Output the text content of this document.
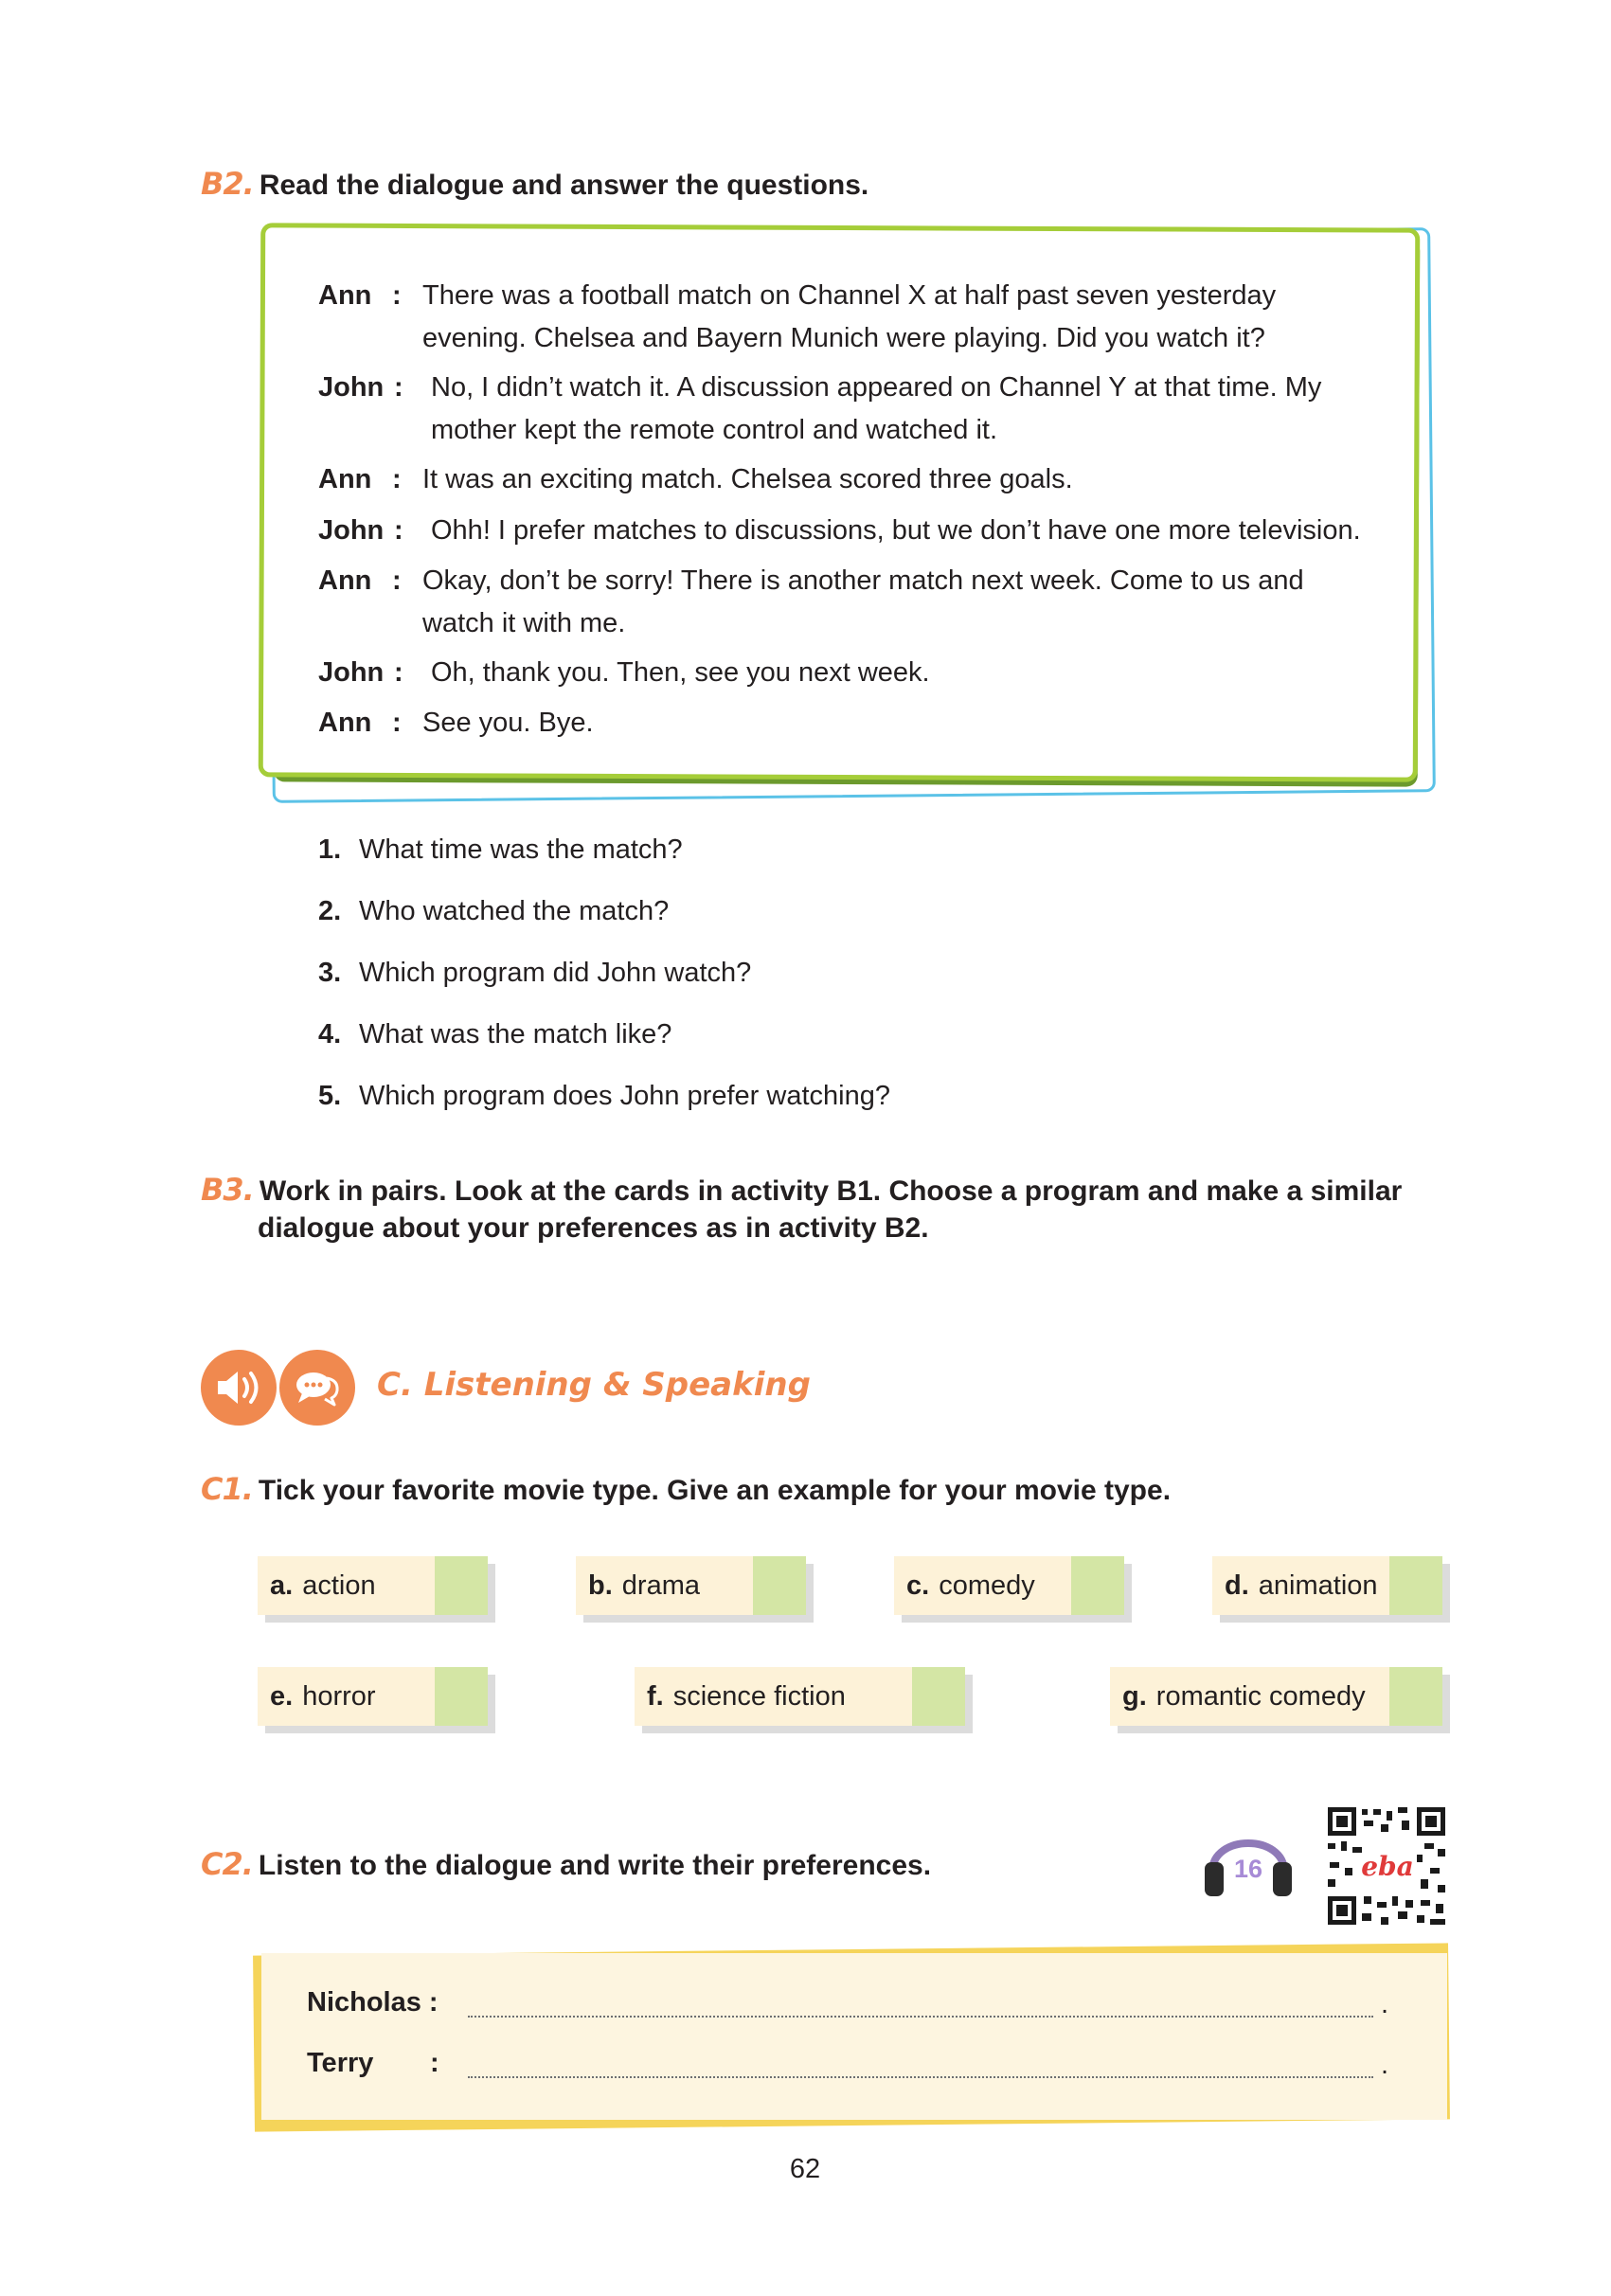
B2. Read the dialogue and answer the questions.
Ann : There was a football match on Channel X at half past seven yesterday
evening. Chelsea and Bayern Munich were playing. Did you watch it?
John : No, I didn’t watch it. A discussion appeared on Channel Y at that time. My
mother kept the remote control and watched it.
Ann : It was an exciting match. Chelsea scored three goals.
John : Ohh! I prefer matches to discussions, but we don’t have one more television.
Ann : Okay, don’t be sorry! There is another match next week. Come to us and
watch it with me.
John : Oh, thank you. Then, see you next week.
Ann : See you. Bye.
1. What time was the match?
2. Who watched the match?
3. Which program did John watch?
4. What was the match like?
5. Which program does John prefer watching?
B3. Work in pairs. Look at the cards in activity B1. Choose a program and make a similar
dialogue about your preferences as in activity B2.
C. Listening & Speaking
C1. Tick your favorite movie type. Give an example for your movie type.
a. action	b. drama	c. comedy	d. animation
e. horror	f. science fiction	g. romantic comedy
C2. Listen to the dialogue and write their preferences.	16	eba
Nicholas :	.
Terry :	.
62
